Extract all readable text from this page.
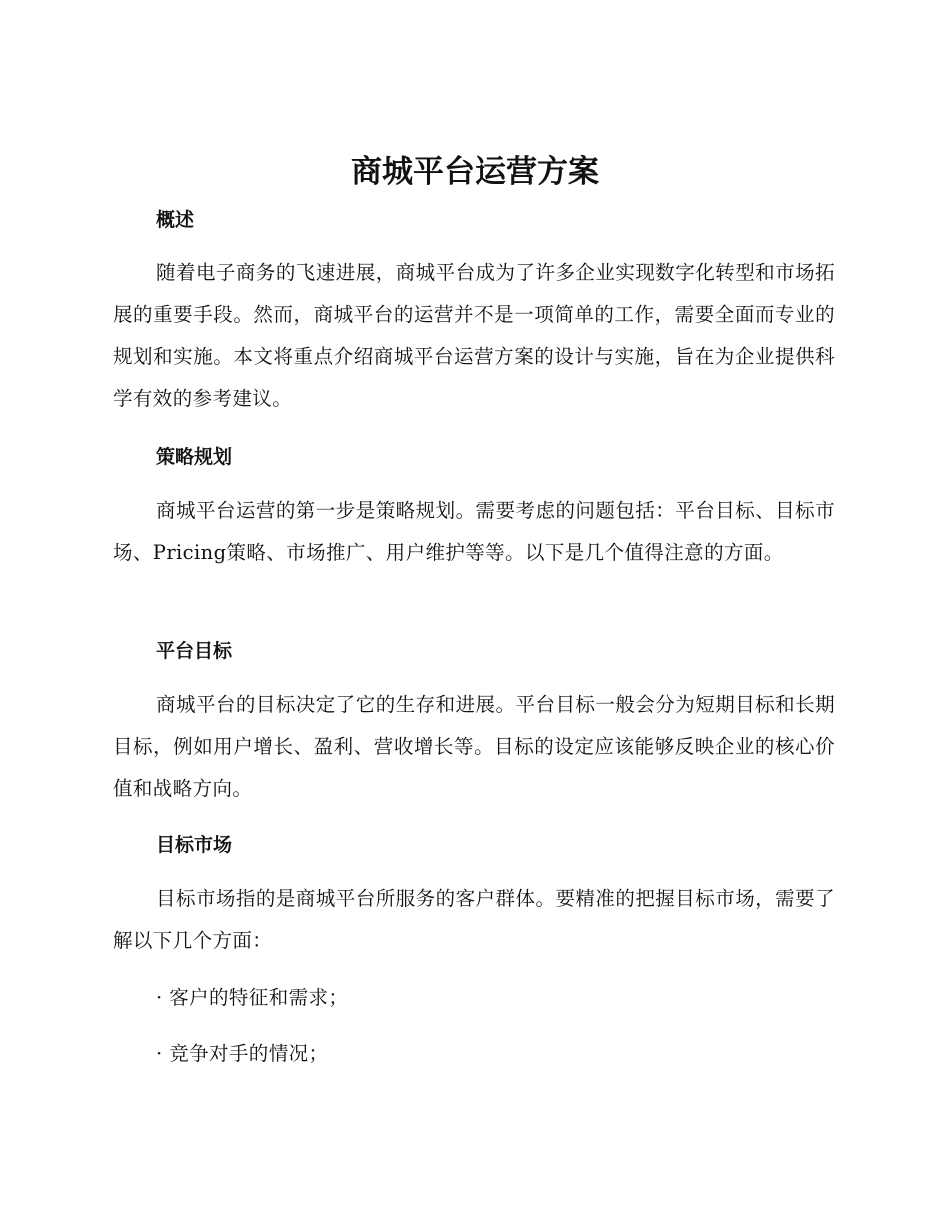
商城平台运营方案
概述

随着电子商务的飞速进展，商城平台成为了许多企业实现数字化转型和市场拓展的重要手段。然而，商城平台的运营并不是一项简单的工作，需要全面而专业的规划和实施。本文将重点介绍商城平台运营方案的设计与实施，旨在为企业提供科学有效的参考建议。

策略规划

商城平台运营的第一步是策略规划。需要考虑的问题包括：平台目标、目标市场、Pricing策略、市场推广、用户维护等等。以下是几个值得注意的方面。

平台目标

商城平台的目标决定了它的生存和进展。平台目标一般会分为短期目标和长期目标，例如用户增长、盈利、营收增长等。目标的设定应该能够反映企业的核心价值和战略方向。

目标市场

目标市场指的是商城平台所服务的客户群体。要精准的把握目标市场，需要了解以下几个方面：

· 客户的特征和需求；

· 竞争对手的情况；
